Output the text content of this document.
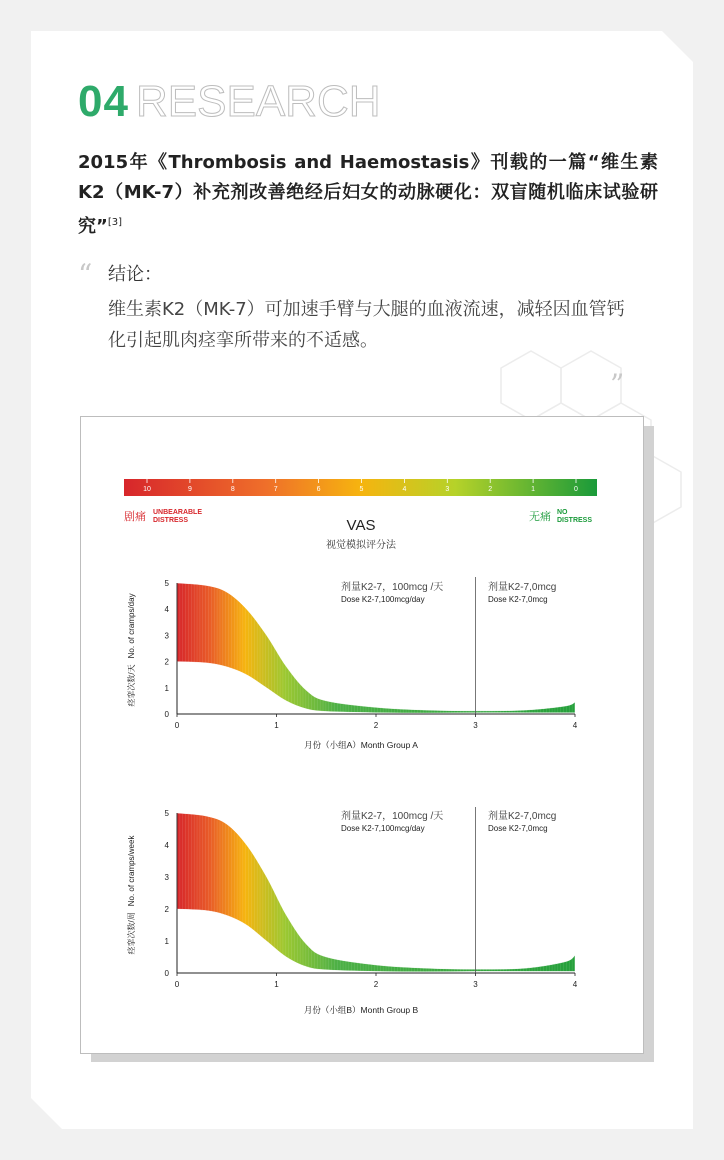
04 RESEARCH
2015年《Thrombosis and Haemostasis》刊载的一篇“维生素K2（MK-7）补充剂改善绝经后妇女的动脉硬化：双盲随机临床试验研究”[3]
“ 结论：
维生素K2（MK-7）可加速手臂与大腿的血液流速，减轻因血管钙化引起肌肉痉挛所带来的不适感。
”
10	9	8	7	6	5	4	3	2	1	0
剧痛 UNBEARABLE
DISTRESS	无痛 NO
DISTRESS
VAS
视觉模拟评分法
0
1
2
3
4
5
0	1	2	3	4
剂量K2-7，100mcg /天
Dose K2-7,100mcg/day
剂量K2-7,0mcg
Dose K2-7,0mcg
痉挛次数/天No. of cramps/day
月份（小组A）Month Group A
0
1
2
3
4
5
0	1	2	3	4
剂量K2-7，100mcg /天
Dose K2-7,100mcg/day
剂量K2-7,0mcg
Dose K2-7,0mcg
痉挛次数/周No. of cramps/week
月份（小组B）Month Group B
